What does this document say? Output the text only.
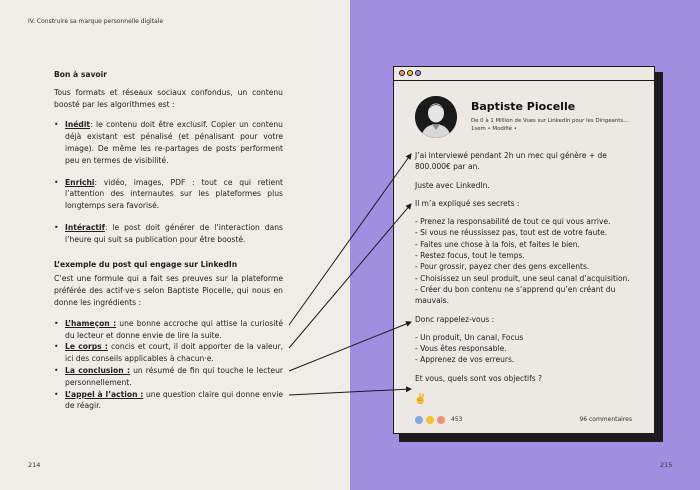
IV. Construire sa marque personnelle digitale
Bon à savoir

Tous formats et réseaux sociaux confondus, un contenu boosté par les algorithmes est :

• Inédit: le contenu doit être exclusif. Copier un contenu déjà existant est pénalisé (et pénalisant pour votre image). De même les re-partages de posts performent peu en termes de visibilité.

• Enrichi: vidéo, images, PDF : tout ce qui retient l’attention des internautes sur les plateformes plus longtemps sera favorisé.

• Intéractif: le post doit générer de l’interaction dans l’heure qui suit sa publication pour être boosté.

L’exemple du post qui engage sur LinkedIn

C’est une formule qui a fait ses preuves sur la plateforme préférée des actif·ve·s selon Baptiste Piocelle, qui nous en donne les ingrédients :

• L’hameçon : une bonne accroche qui attise la curiosité du lecteur et donne envie de lire la suite.

• Le corps : concis et court, il doit apporter de la valeur, ici des conseils applicables à chacun·e.

• La conclusion : un résumé de fin qui touche le lecteur personnellement.

• L’appel à l’action : une question claire qui donne envie de réagir.

214	215
Baptiste Piocelle
De 0 à 1 Million de Vues sur LinkedIn pour les Dirigeants...
1sem • Modifié •

J’ai interviewé pendant 2h un mec qui génère + de 800.000€ par an.

Juste avec LinkedIn.

Il m’a expliqué ses secrets :

- Prenez la responsabilité de tout ce qui vous arrive.

- Si vous ne réussissez pas, tout est de votre faute.

- Faites une chose à la fois, et faites le bien.

- Restez focus, tout le temps.

- Pour grossir, payez cher des gens excellents.

- Choisissez un seul produit, une seul canal d’acquisition.

- Créer du bon contenu ne s’apprend qu’en créant du mauvais.

Donc rappelez-vous :

- Un produit, Un canal, Focus

- Vous êtes responsable.

- Apprenez de vos erreurs.

Et vous, quels sont vos objectifs ?

✌️
453	96 commentaires
